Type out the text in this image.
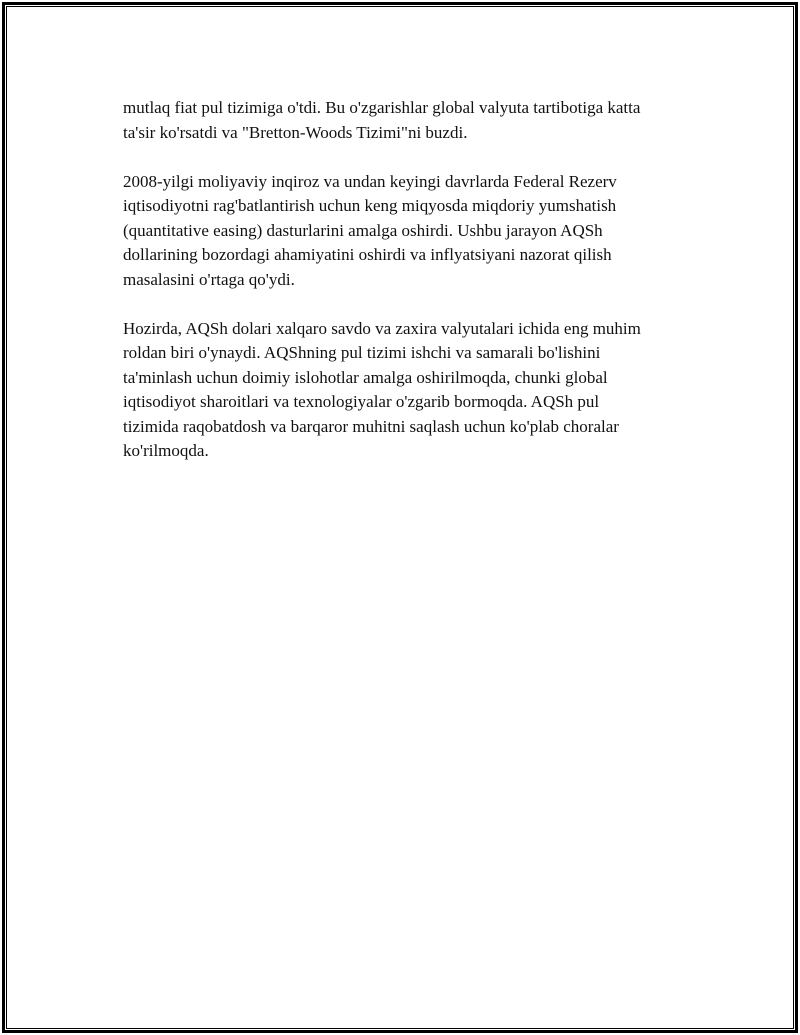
mutlaq fiat pul tizimiga o'tdi. Bu o'zgarishlar global valyuta tartibotiga katta
ta'sir ko'rsatdi va "Bretton-Woods Tizimi"ni buzdi.

2008-yilgi moliyaviy inqiroz va undan keyingi davrlarda Federal Rezerv
iqtisodiyotni rag'batlantirish uchun keng miqyosda miqdoriy yumshatish
(quantitative easing) dasturlarini amalga oshirdi. Ushbu jarayon AQSh
dollarining bozordagi ahamiyatini oshirdi va inflyatsiyani nazorat qilish
masalasini o'rtaga qo'ydi.

Hozirda, AQSh dolari xalqaro savdo va zaxira valyutalari ichida eng muhim
roldan biri o'ynaydi. AQShning pul tizimi ishchi va samarali bo'lishini
ta'minlash uchun doimiy islohotlar amalga oshirilmoqda, chunki global
iqtisodiyot sharoitlari va texnologiyalar o'zgarib bormoqda. AQSh pul
tizimida raqobatdosh va barqaror muhitni saqlash uchun ko'plab choralar
ko'rilmoqda.
